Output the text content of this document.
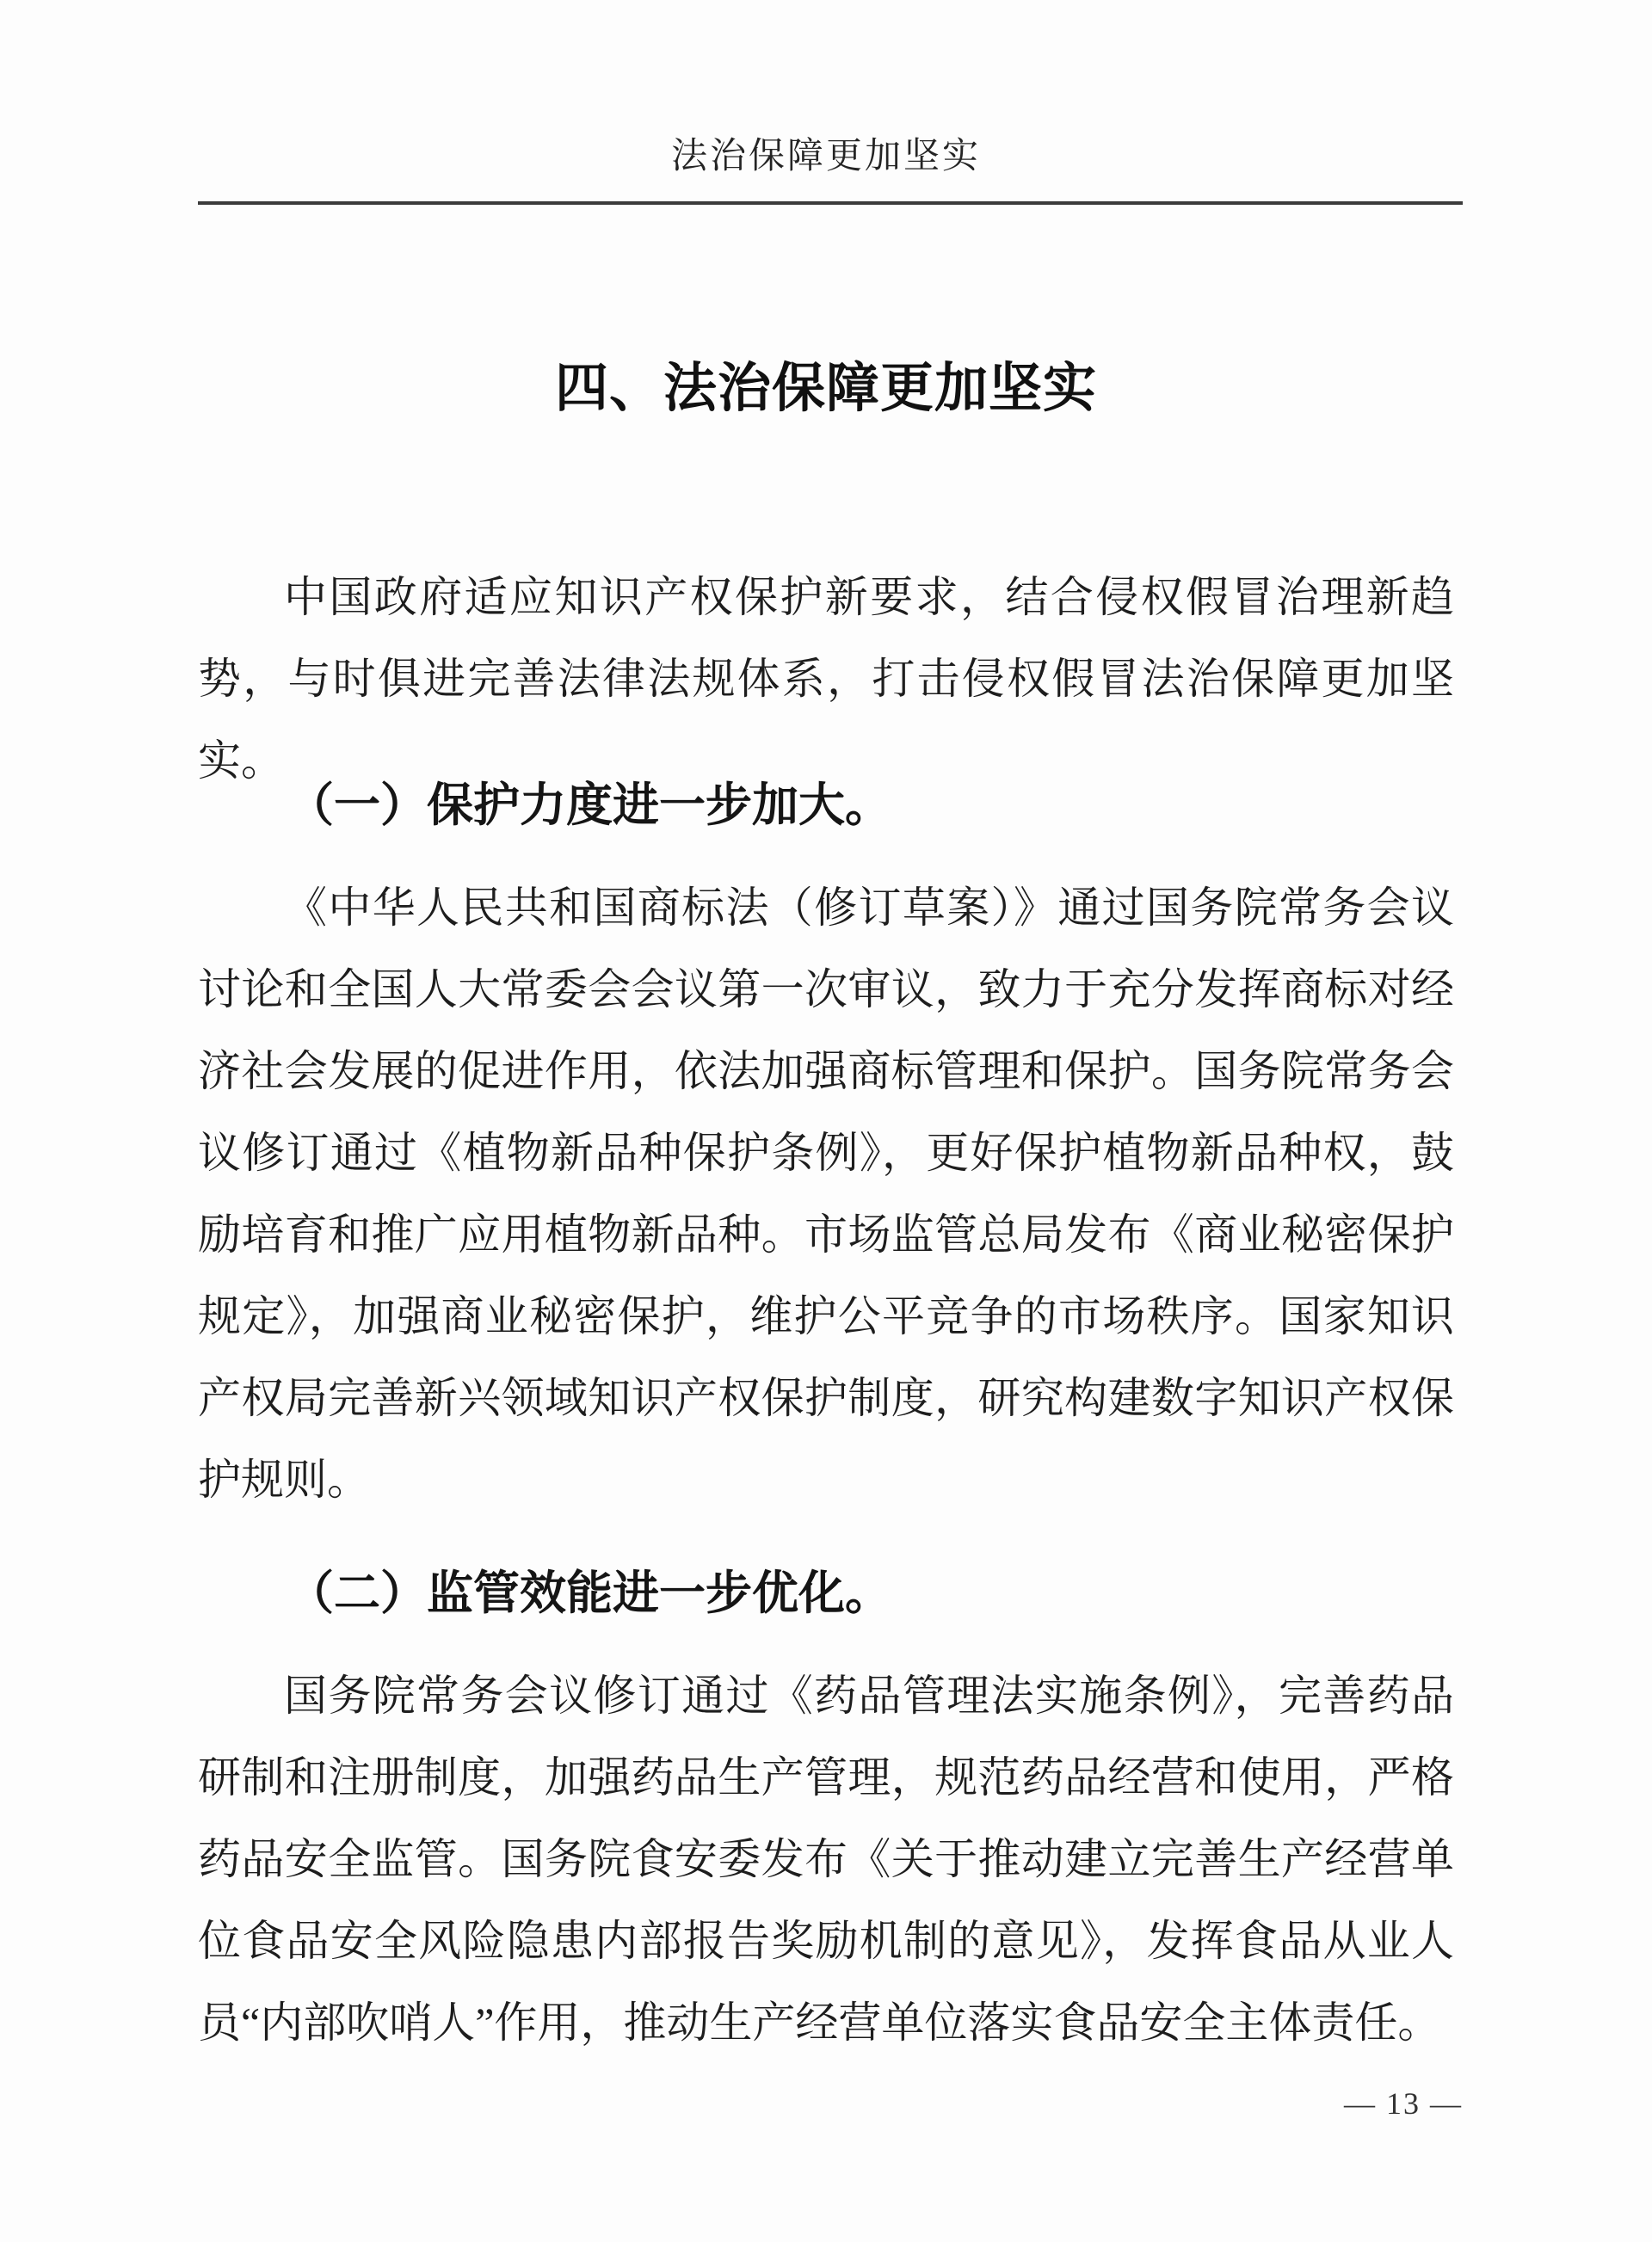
法治保障更加坚实
四、法治保障更加坚实

中国政府适应知识产权保护新要求，结合侵权假冒治理新趋势，与时俱进完善法律法规体系，打击侵权假冒法治保障更加坚实。

（一）保护力度进一步加大。

《中华人民共和国商标法（修订草案）》通过国务院常务会议讨论和全国人大常委会会议第一次审议，致力于充分发挥商标对经济社会发展的促进作用，依法加强商标管理和保护。国务院常务会议修订通过《植物新品种保护条例》，更好保护植物新品种权，鼓励培育和推广应用植物新品种。市场监管总局发布《商业秘密保护规定》，加强商业秘密保护，维护公平竞争的市场秩序。国家知识产权局完善新兴领域知识产权保护制度，研究构建数字知识产权保护规则。

（二）监管效能进一步优化。

国务院常务会议修订通过《药品管理法实施条例》，完善药品研制和注册制度，加强药品生产管理，规范药品经营和使用，严格药品安全监管。国务院食安委发布《关于推动建立完善生产经营单位食品安全风险隐患内部报告奖励机制的意见》，发挥食品从业人员“内部吹哨人”作用，推动生产经营单位落实食品安全主体责任。

— 13 —
